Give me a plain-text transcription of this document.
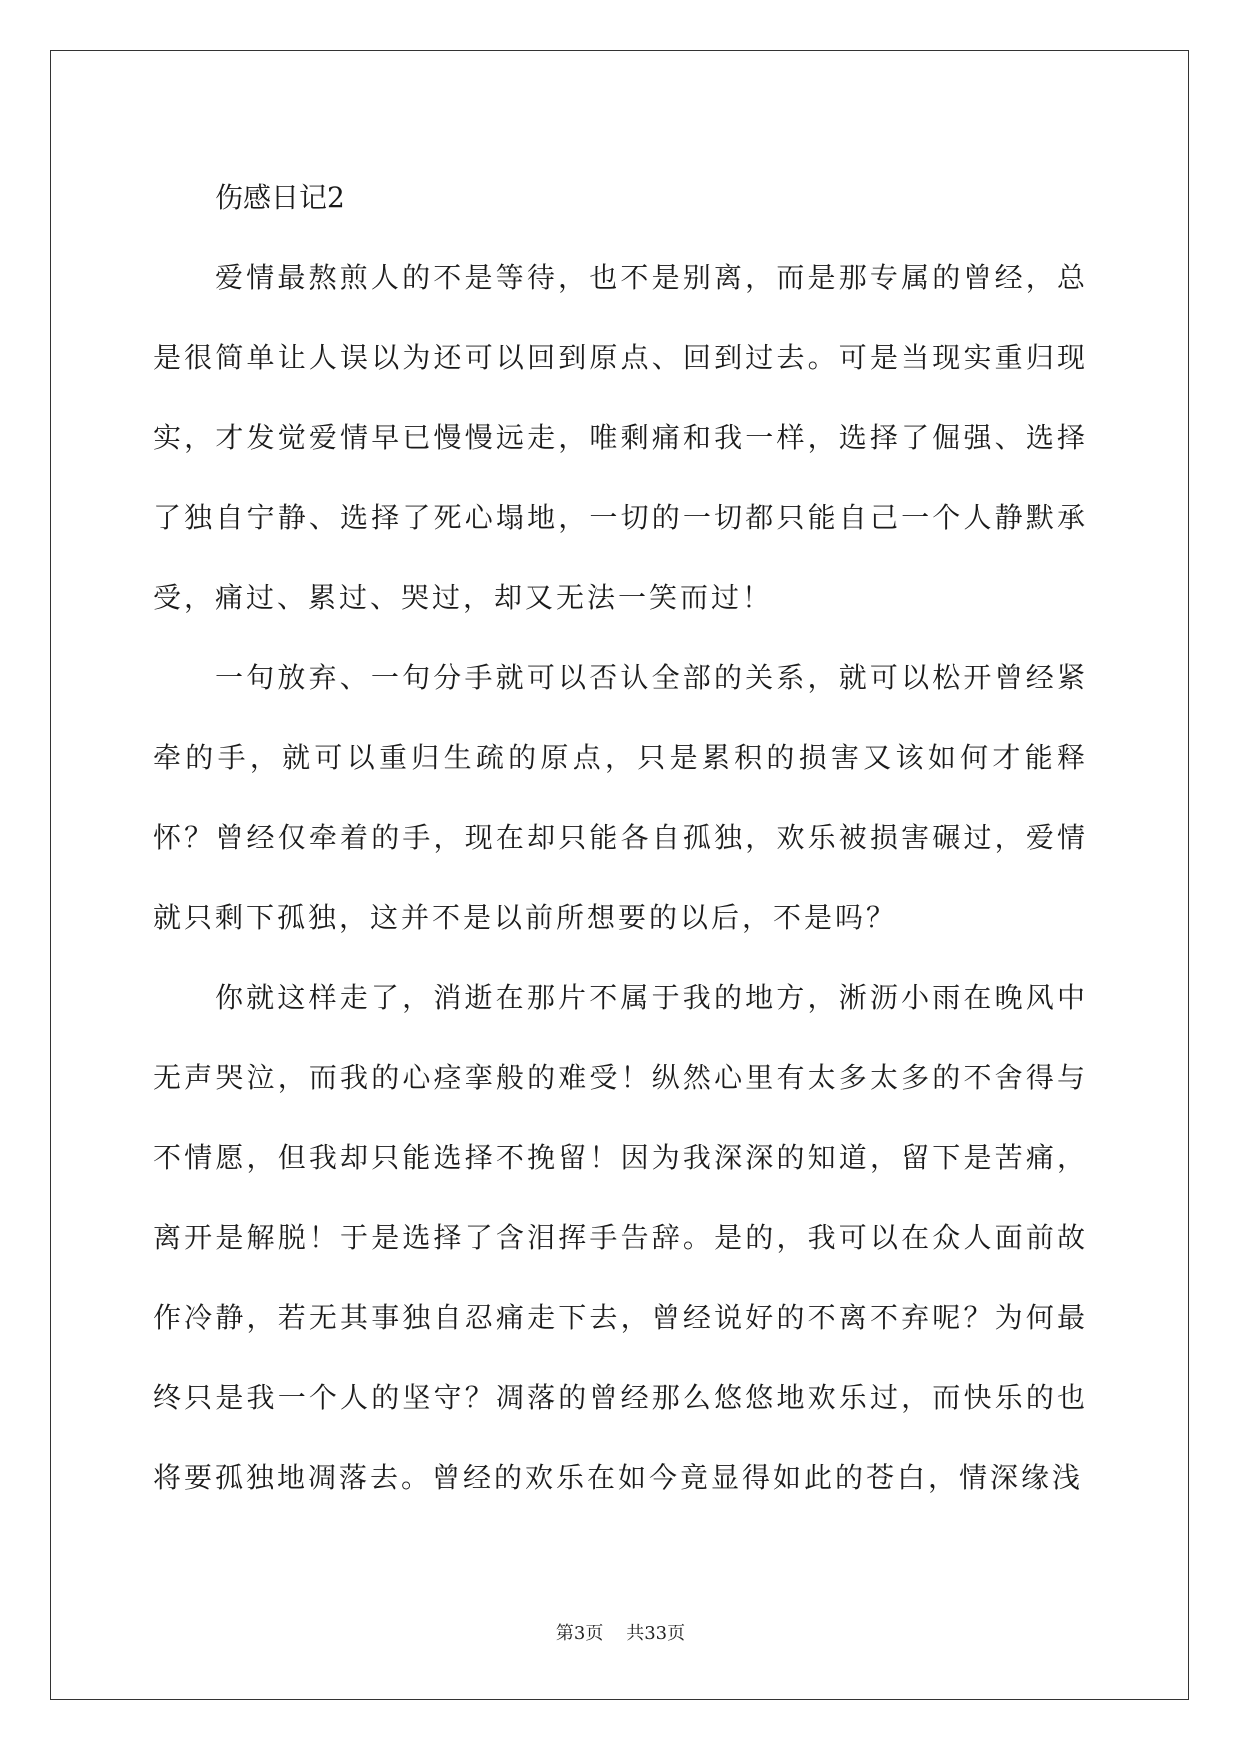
伤感日记2

爱情最熬煎人的不是等待，也不是别离，而是那专属的曾经，总是很简单让人误以为还可以回到原点、回到过去。可是当现实重归现实，才发觉爱情早已慢慢远走，唯剩痛和我一样，选择了倔强、选择了独自宁静、选择了死心塌地，一切的一切都只能自己一个人静默承受，痛过、累过、哭过，却又无法一笑而过！

一句放弃、一句分手就可以否认全部的关系，就可以松开曾经紧牵的手，就可以重归生疏的原点，只是累积的损害又该如何才能释怀？曾经仅牵着的手，现在却只能各自孤独，欢乐被损害碾过，爱情就只剩下孤独，这并不是以前所想要的以后，不是吗？

你就这样走了，消逝在那片不属于我的地方，淅沥小雨在晚风中无声哭泣，而我的心痉挛般的难受！纵然心里有太多太多的不舍得与不情愿，但我却只能选择不挽留！因为我深深的知道，留下是苦痛，离开是解脱！于是选择了含泪挥手告辞。是的，我可以在众人面前故作冷静，若无其事独自忍痛走下去，曾经说好的不离不弃呢？为何最终只是我一个人的坚守？凋落的曾经那么悠悠地欢乐过，而快乐的也将要孤独地凋落去。曾经的欢乐在如今竟显得如此的苍白，情深缘浅

第3页    共33页
